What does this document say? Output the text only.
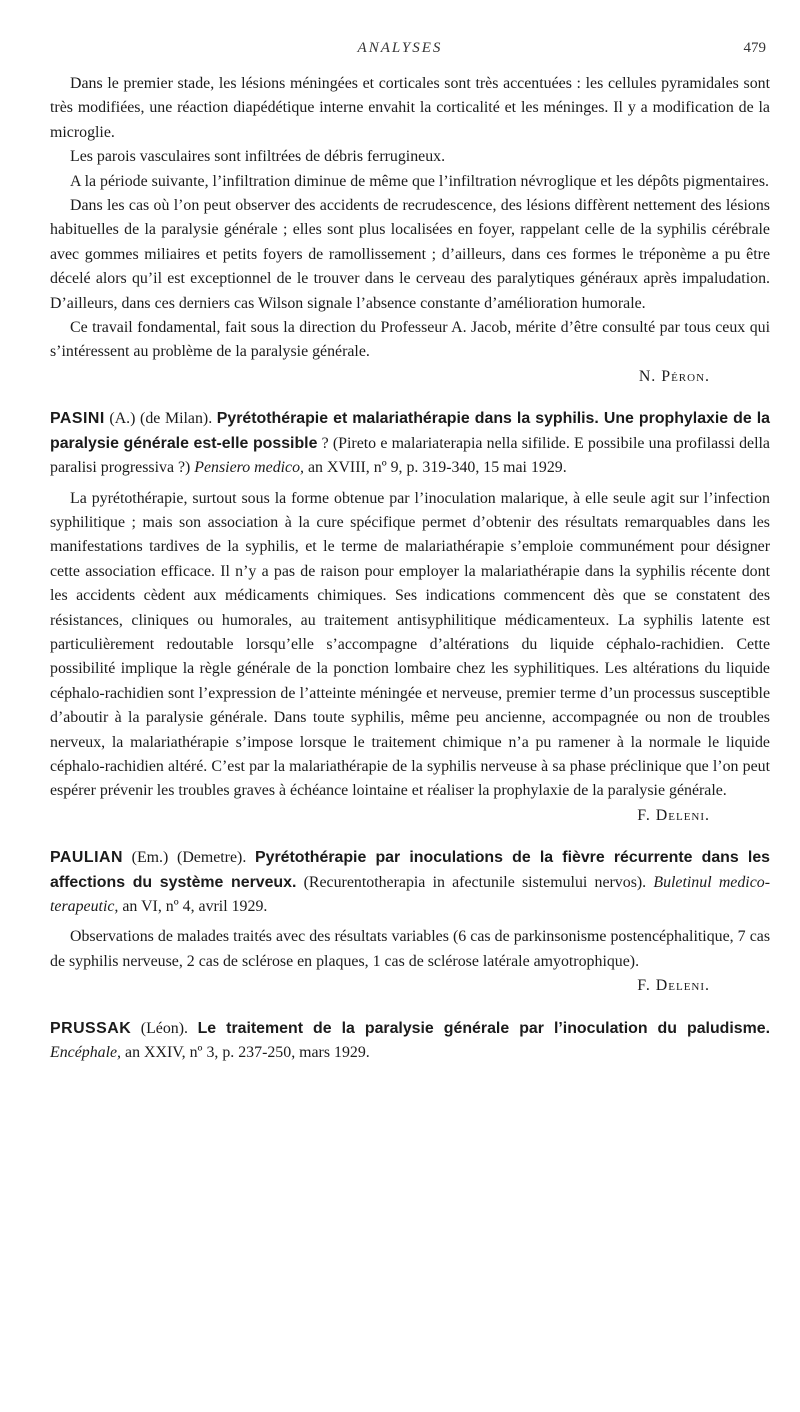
ANALYSES	479

Dans le premier stade, les lésions méningées et corticales sont très accentuées : les cellules pyramidales sont très modifiées, une réaction diapédétique interne envahit la corticalité et les méninges. Il y a modification de la microglie.

Les parois vasculaires sont infiltrées de débris ferrugineux.

A la période suivante, l’infiltration diminue de même que l’infiltration névroglique et les dépôts pigmentaires.

Dans les cas où l’on peut observer des accidents de recrudescence, des lésions diffèrent nettement des lésions habituelles de la paralysie générale ; elles sont plus localisées en foyer, rappelant celle de la syphilis cérébrale avec gommes miliaires et petits foyers de ramollissement ; d’ailleurs, dans ces formes le tréponème a pu être décelé alors qu’il est exceptionnel de le trouver dans le cerveau des paralytiques généraux après impaludation. D’ailleurs, dans ces derniers cas Wilson signale l’absence constante d’amélioration humorale.

Ce travail fondamental, fait sous la direction du Professeur A. Jacob, mérite d’être consulté par tous ceux qui s’intéressent au problème de la paralysie générale.

N. Péron.

PASINI (A.) (de Milan). Pyrétothérapie et malariathérapie dans la syphilis. Une prophylaxie de la paralysie générale est-elle possible ? (Pireto e malariaterapia nella sifilide. E possibile una profilassi della paralisi progressiva ?) Pensiero medico, an XVIII, nº 9, p. 319-340, 15 mai 1929.

La pyrétothérapie, surtout sous la forme obtenue par l’inoculation malarique, à elle seule agit sur l’infection syphilitique ; mais son association à la cure spécifique permet d’obtenir des résultats remarquables dans les manifestations tardives de la syphilis, et le terme de malariathérapie s’emploie communément pour désigner cette association efficace. Il n’y a pas de raison pour employer la malariathérapie dans la syphilis récente dont les accidents cèdent aux médicaments chimiques. Ses indications commencent dès que se constatent des résistances, cliniques ou humorales, au traitement antisyphilitique médicamenteux. La syphilis latente est particulièrement redoutable lorsqu’elle s’accompagne d’altérations du liquide céphalo-rachidien. Cette possibilité implique la règle générale de la ponction lombaire chez les syphilitiques. Les altérations du liquide céphalo-rachidien sont l’expression de l’atteinte méningée et nerveuse, premier terme d’un processus susceptible d’aboutir à la paralysie générale. Dans toute syphilis, même peu ancienne, accompagnée ou non de troubles nerveux, la malariathérapie s’impose lorsque le traitement chimique n’a pu ramener à la normale le liquide céphalo-rachidien altéré. C’est par la malariathérapie de la syphilis nerveuse à sa phase préclinique que l’on peut espérer prévenir les troubles graves à échéance lointaine et réaliser la prophylaxie de la paralysie générale.

F. Deleni.

PAULIAN (Em.) (Demetre). Pyrétothérapie par inoculations de la fièvre récurrente dans les affections du système nerveux. (Recurentotherapia in afectunile sistemului nervos). Buletinul medico-terapeutic, an VI, nº 4, avril 1929.

Observations de malades traités avec des résultats variables (6 cas de parkinsonisme postencéphalitique, 7 cas de syphilis nerveuse, 2 cas de sclérose en plaques, 1 cas de sclérose latérale amyotrophique).

F. Deleni.

PRUSSAK (Léon). Le traitement de la paralysie générale par l’inoculation du paludisme. Encéphale, an XXIV, nº 3, p. 237-250, mars 1929.
